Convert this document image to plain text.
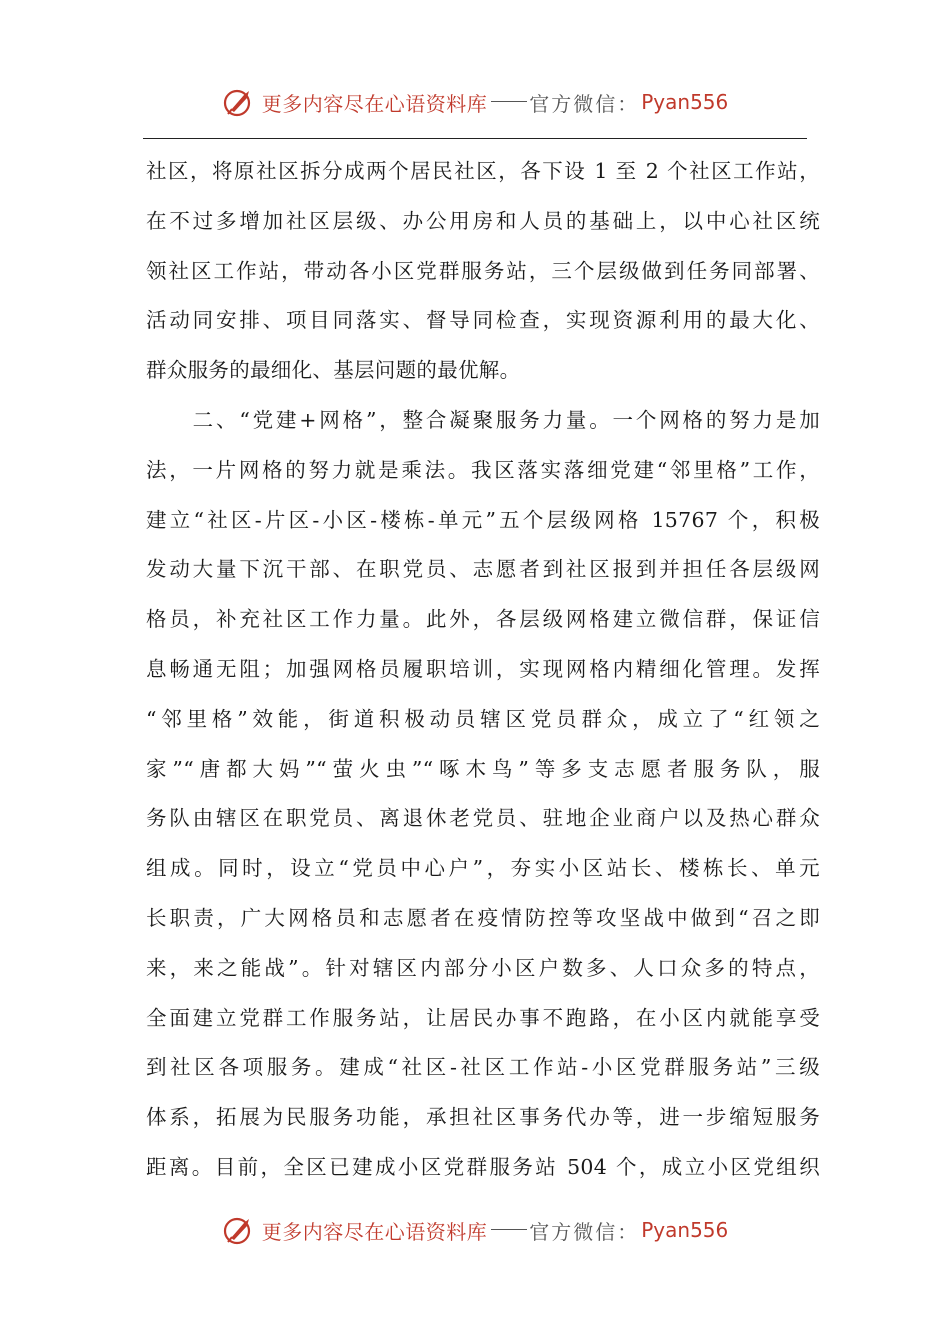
更多内容尽在心语资料库 官方微信： Pyan556
社区，将原社区拆分成两个居民社区，各下设 1 至 2 个社区工作站，
在不过多增加社区层级、办公用房和人员的基础上，以中心社区统
领社区工作站，带动各小区党群服务站，三个层级做到任务同部署、
活动同安排、项目同落实、督导同检查，实现资源利用的最大化、
群众服务的最细化、基层问题的最优解。
　　二、“党建+网格”，整合凝聚服务力量。一个网格的努力是加
法，一片网格的努力就是乘法。我区落实落细党建“邻里格”工作，
建立“社区-片区-小区-楼栋-单元”五个层级网格 15767 个，积极
发动大量下沉干部、在职党员、志愿者到社区报到并担任各层级网
格员，补充社区工作力量。此外，各层级网格建立微信群，保证信
息畅通无阻；加强网格员履职培训，实现网格内精细化管理。发挥
“邻里格”效能，街道积极动员辖区党员群众，成立了“红领之
家”“唐都大妈”“萤火虫”“啄木鸟”等多支志愿者服务队，服
务队由辖区在职党员、离退休老党员、驻地企业商户以及热心群众
组成。同时，设立“党员中心户”，夯实小区站长、楼栋长、单元
长职责，广大网格员和志愿者在疫情防控等攻坚战中做到“召之即
来，来之能战”。针对辖区内部分小区户数多、人口众多的特点，
全面建立党群工作服务站，让居民办事不跑路，在小区内就能享受
到社区各项服务。建成“社区-社区工作站-小区党群服务站”三级
体系，拓展为民服务功能，承担社区事务代办等，进一步缩短服务
距离。目前，全区已建成小区党群服务站 504 个，成立小区党组织
更多内容尽在心语资料库 官方微信： Pyan556
